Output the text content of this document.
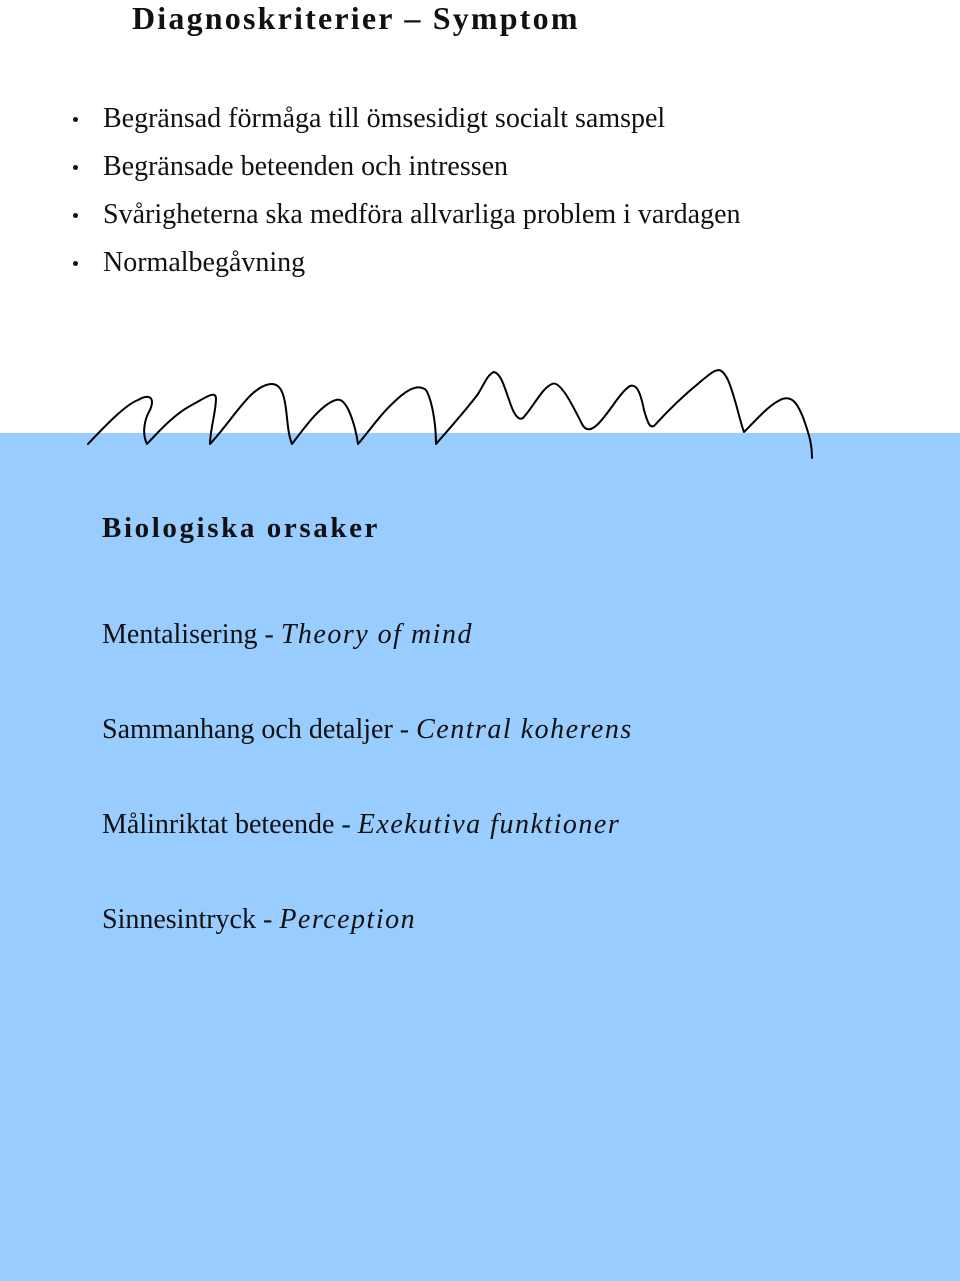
Diagnoskriterier – Symptom
Begränsad förmåga till ömsesidigt socialt samspel
Begränsade beteenden och intressen
Svårigheterna ska medföra allvarliga problem i vardagen
Normalbegåvning
Biologiska orsaker

Mentalisering - Theory of mind

Sammanhang och detaljer - Central koherens

Målinriktat beteende - Exekutiva funktioner

Sinnesintryck - Perception
